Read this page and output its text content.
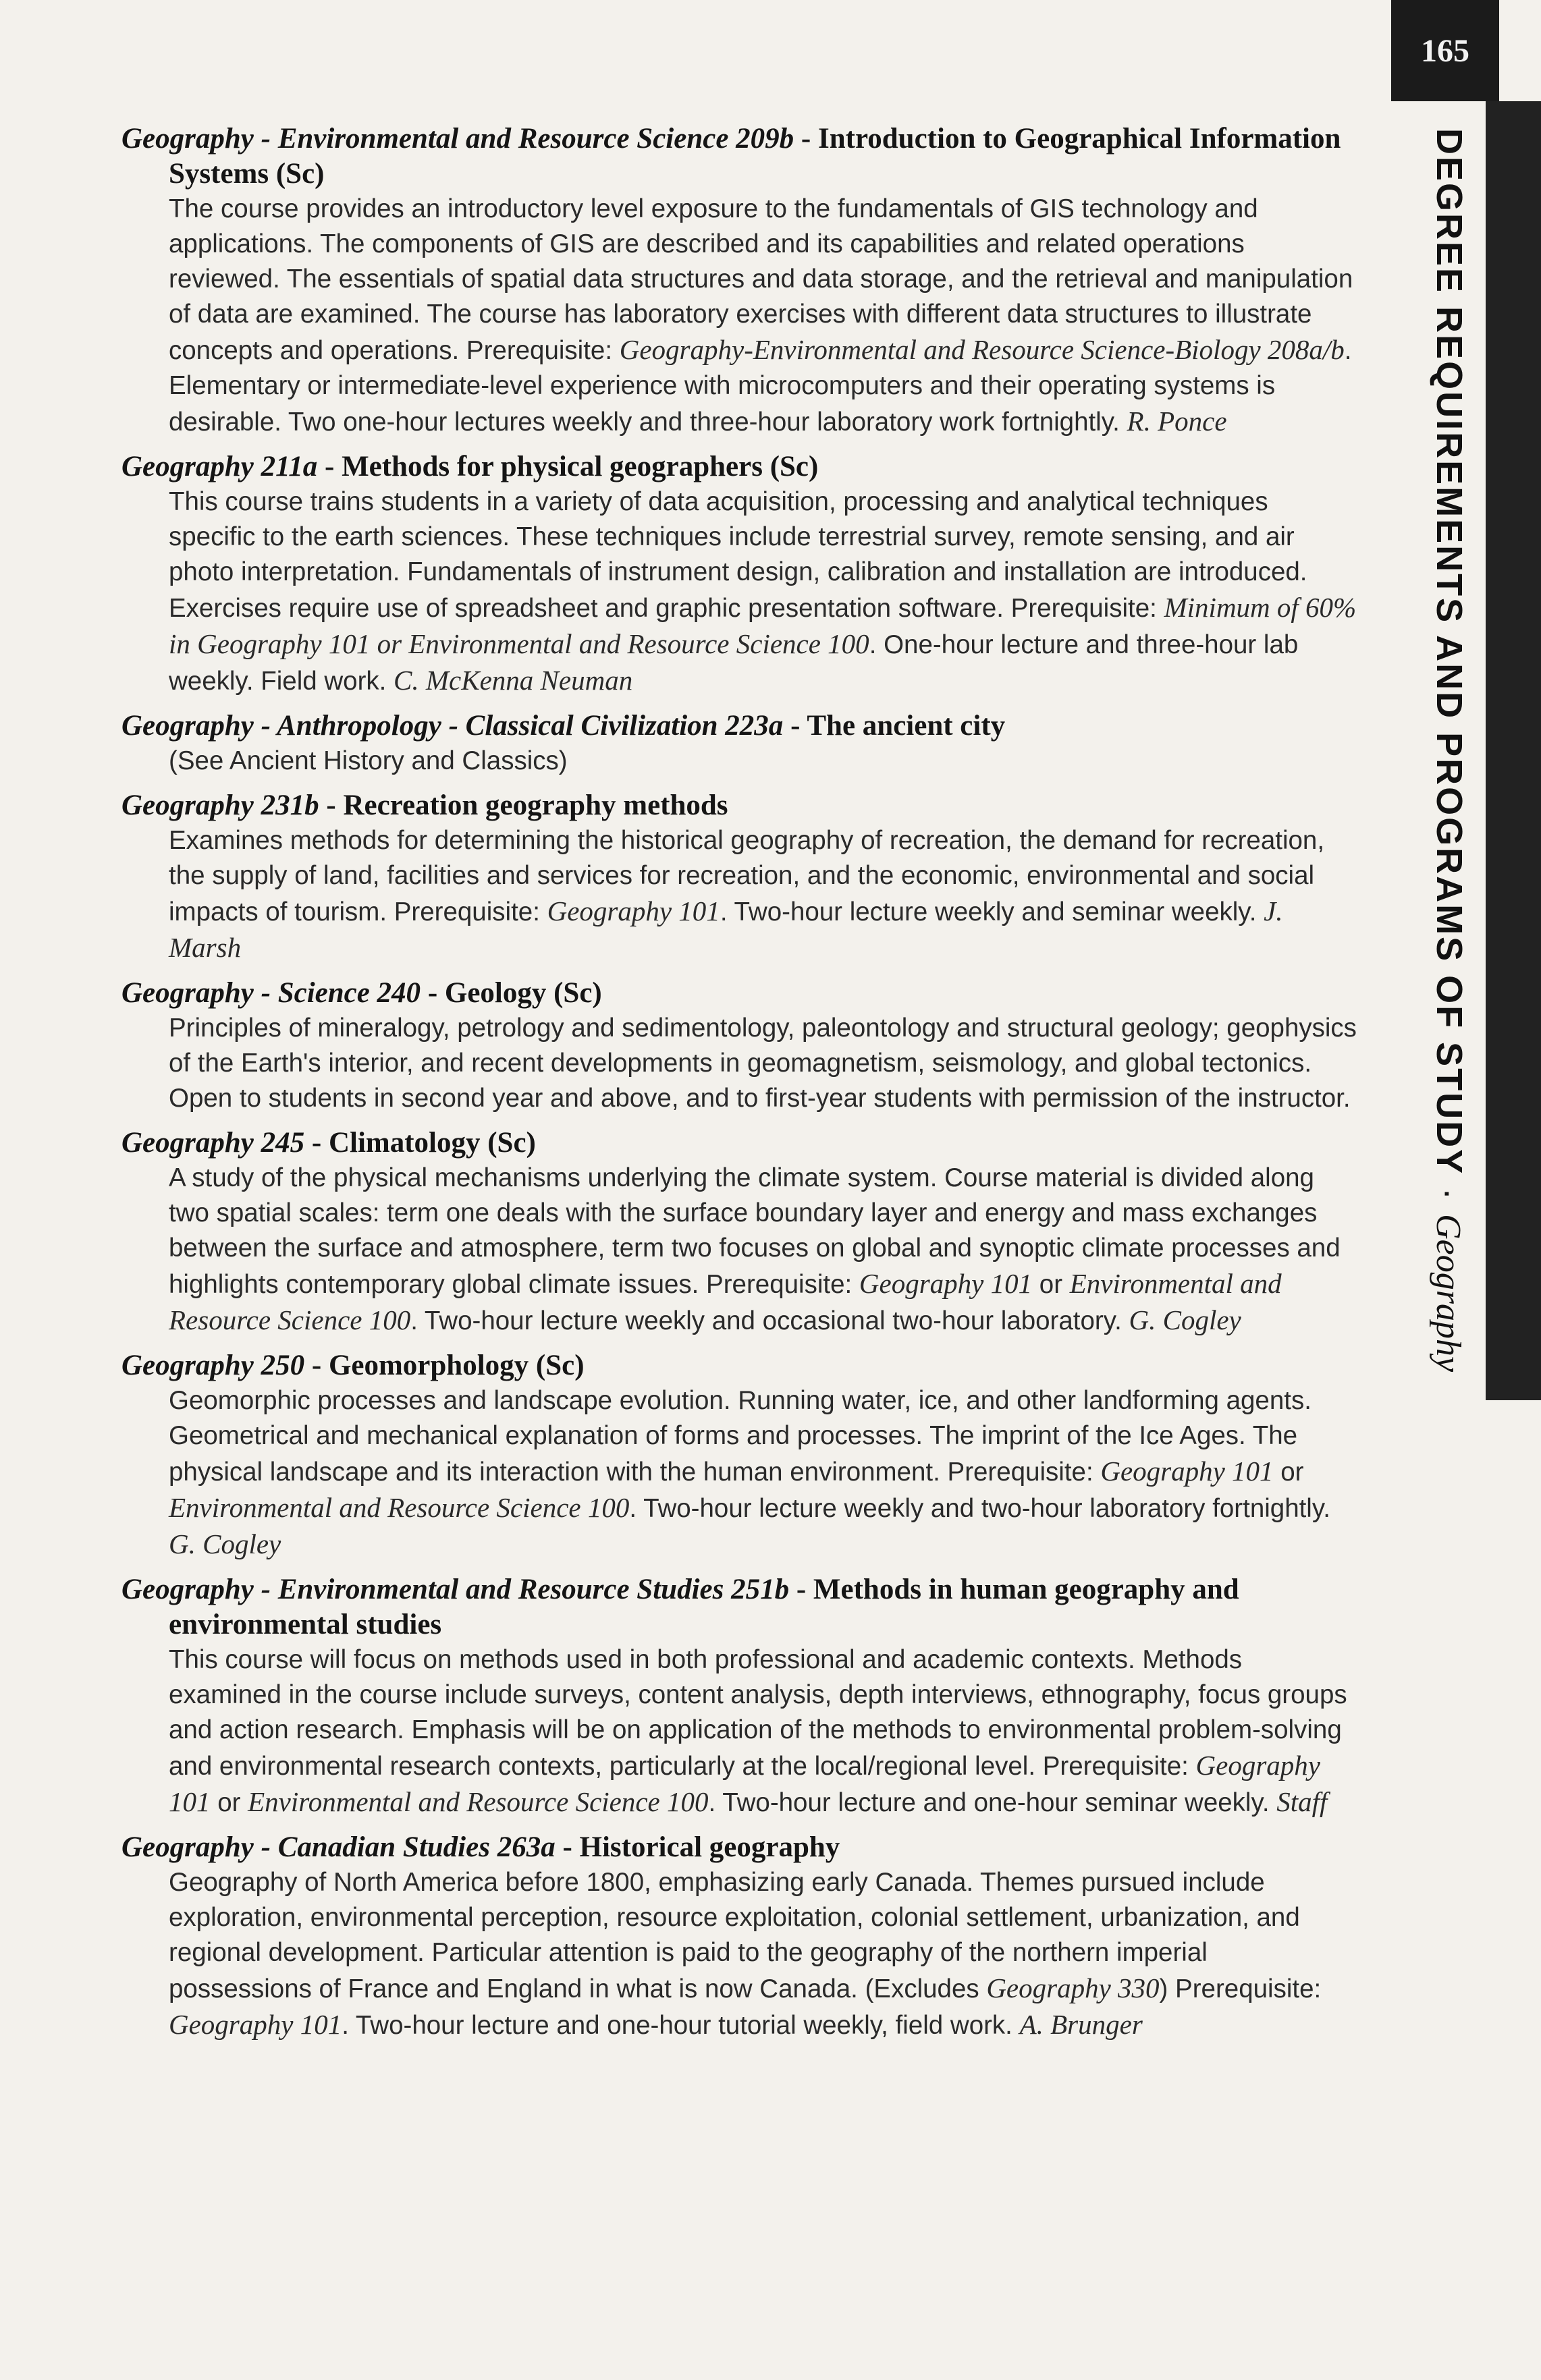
165
DEGREE REQUIREMENTS AND PROGRAMS OF STUDY · Geography
Geography - Environmental and Resource Science 209b - Introduction to Geographical Information Systems (Sc)
The course provides an introductory level exposure to the fundamentals of GIS technology and applications. The components of GIS are described and its capabilities and related operations reviewed. The essentials of spatial data structures and data storage, and the retrieval and manipulation of data are examined. The course has laboratory exercises with different data structures to illustrate concepts and operations. Prerequisite: Geography-Environmental and Resource Science-Biology 208a/b. Elementary or intermediate-level experience with microcomputers and their operating systems is desirable. Two one-hour lectures weekly and three-hour laboratory work fortnightly. R. Ponce
Geography 211a - Methods for physical geographers (Sc)
This course trains students in a variety of data acquisition, processing and analytical techniques specific to the earth sciences. These techniques include terrestrial survey, remote sensing, and air photo interpretation. Fundamentals of instrument design, calibration and installation are introduced. Exercises require use of spreadsheet and graphic presentation software. Prerequisite: Minimum of 60% in Geography 101 or Environmental and Resource Science 100. One-hour lecture and three-hour lab weekly. Field work. C. McKenna Neuman
Geography - Anthropology - Classical Civilization 223a - The ancient city
(See Ancient History and Classics)
Geography 231b - Recreation geography methods
Examines methods for determining the historical geography of recreation, the demand for recreation, the supply of land, facilities and services for recreation, and the economic, environmental and social impacts of tourism. Prerequisite: Geography 101. Two-hour lecture weekly and seminar weekly. J. Marsh
Geography - Science 240 - Geology (Sc)
Principles of mineralogy, petrology and sedimentology, paleontology and structural geology; geophysics of the Earth's interior, and recent developments in geomagnetism, seismology, and global tectonics. Open to students in second year and above, and to first-year students with permission of the instructor.
Geography 245 - Climatology (Sc)
A study of the physical mechanisms underlying the climate system. Course material is divided along two spatial scales: term one deals with the surface boundary layer and energy and mass exchanges between the surface and atmosphere, term two focuses on global and synoptic climate processes and highlights contemporary global climate issues. Prerequisite: Geography 101 or Environmental and Resource Science 100. Two-hour lecture weekly and occasional two-hour laboratory. G. Cogley
Geography 250 - Geomorphology (Sc)
Geomorphic processes and landscape evolution. Running water, ice, and other landforming agents. Geometrical and mechanical explanation of forms and processes. The imprint of the Ice Ages. The physical landscape and its interaction with the human environment. Prerequisite: Geography 101 or Environmental and Resource Science 100. Two-hour lecture weekly and two-hour laboratory fortnightly. G. Cogley
Geography - Environmental and Resource Studies 251b - Methods in human geography and environmental studies
This course will focus on methods used in both professional and academic contexts. Methods examined in the course include surveys, content analysis, depth interviews, ethnography, focus groups and action research. Emphasis will be on application of the methods to environmental problem-solving and environmental research contexts, particularly at the local/regional level. Prerequisite: Geography 101 or Environmental and Resource Science 100. Two-hour lecture and one-hour seminar weekly. Staff
Geography - Canadian Studies 263a - Historical geography
Geography of North America before 1800, emphasizing early Canada. Themes pursued include exploration, environmental perception, resource exploitation, colonial settlement, urbanization, and regional development. Particular attention is paid to the geography of the northern imperial possessions of France and England in what is now Canada. (Excludes Geography 330) Prerequisite: Geography 101. Two-hour lecture and one-hour tutorial weekly, field work. A. Brunger
